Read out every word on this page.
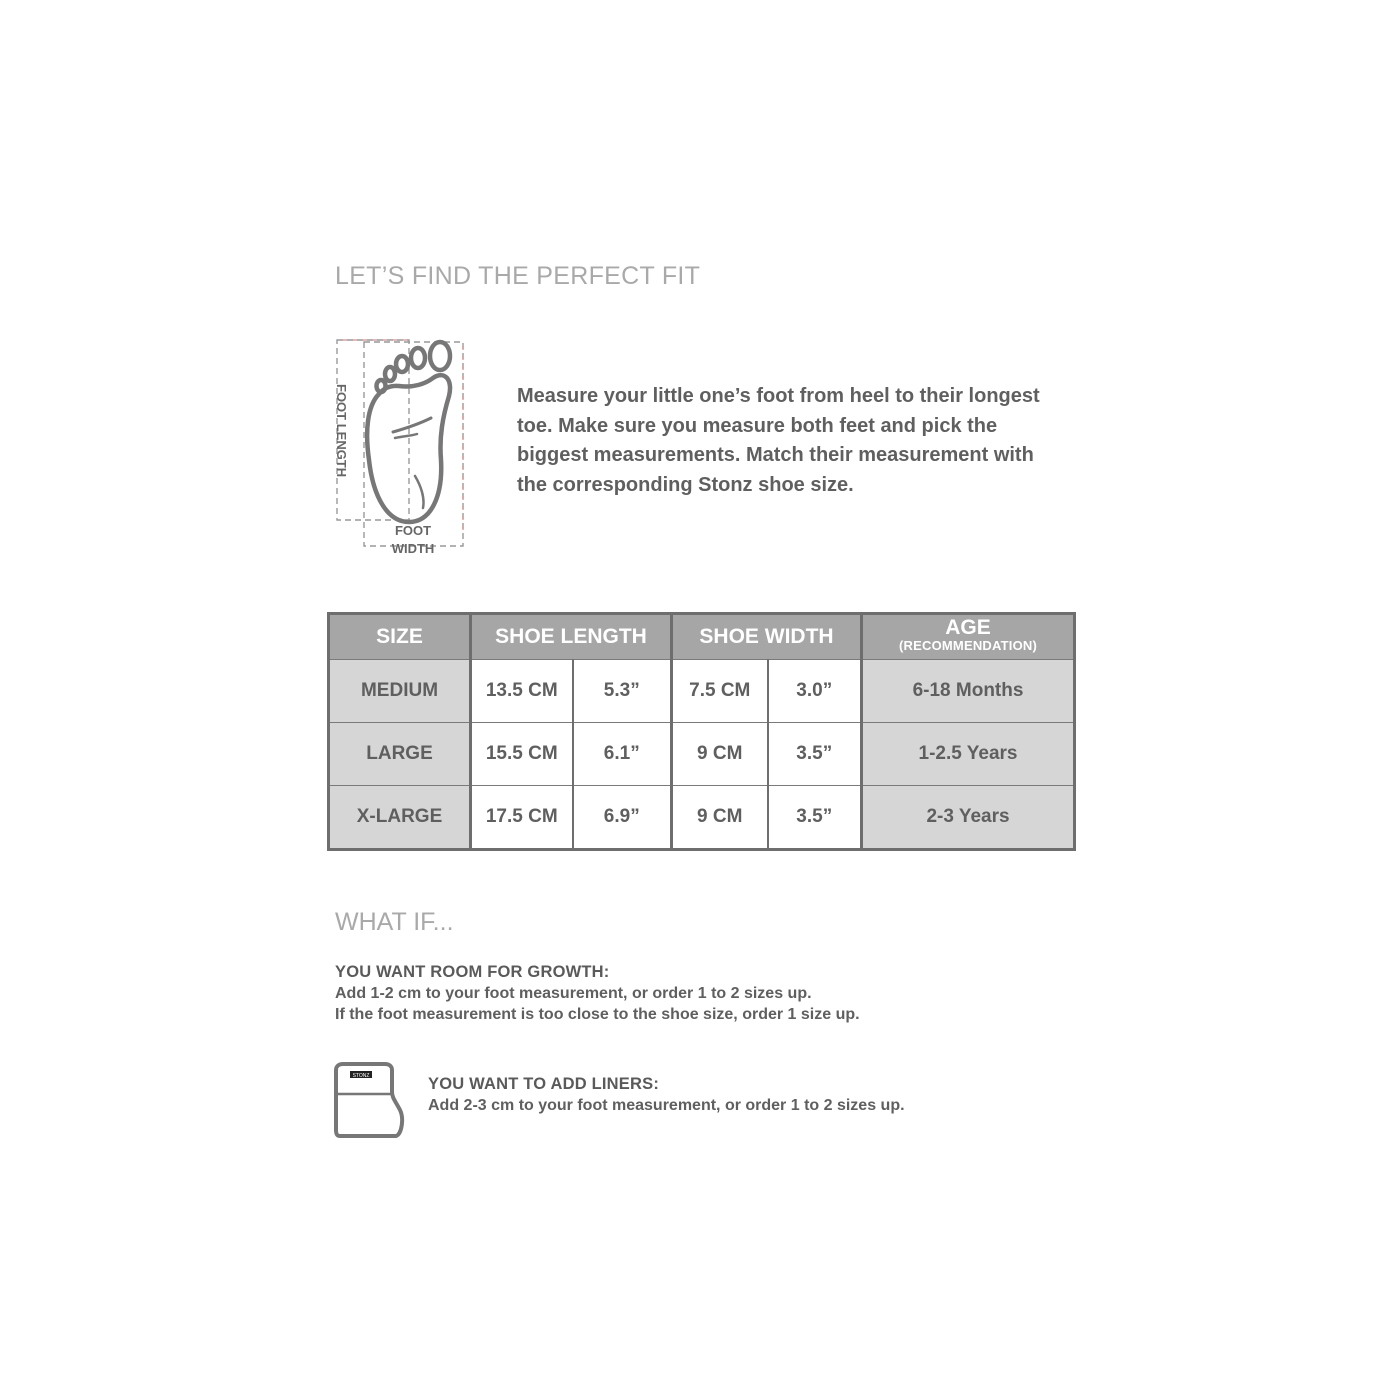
LET’S FIND THE PERFECT FIT
FOOT LENGTH
FOOT
WIDTH

Measure your little one’s foot from heel to their longest toe. Make sure you measure both feet and pick the biggest measurements. Match their measurement with the corresponding Stonz shoe size.

SIZE	SHOE LENGTH		SHOE WIDTH		AGE
(RECOMMENDATION)

MEDIUM	13.5 CM	5.3”	7.5 CM	3.0”	6-18 Months
LARGE	15.5 CM	6.1”	9 CM	3.5”	1-2.5 Years
X-LARGE	17.5 CM	6.9”	9 CM	3.5”	2-3 Years
WHAT IF...
YOU WANT ROOM FOR GROWTH:
Add 1-2 cm to your foot measurement, or order 1 to 2 sizes up.
If the foot measurement is too close to the shoe size, order 1 size up.
STONZ	YOU WANT TO ADD LINERS:
Add 2-3 cm to your foot measurement, or order 1 to 2 sizes up.
